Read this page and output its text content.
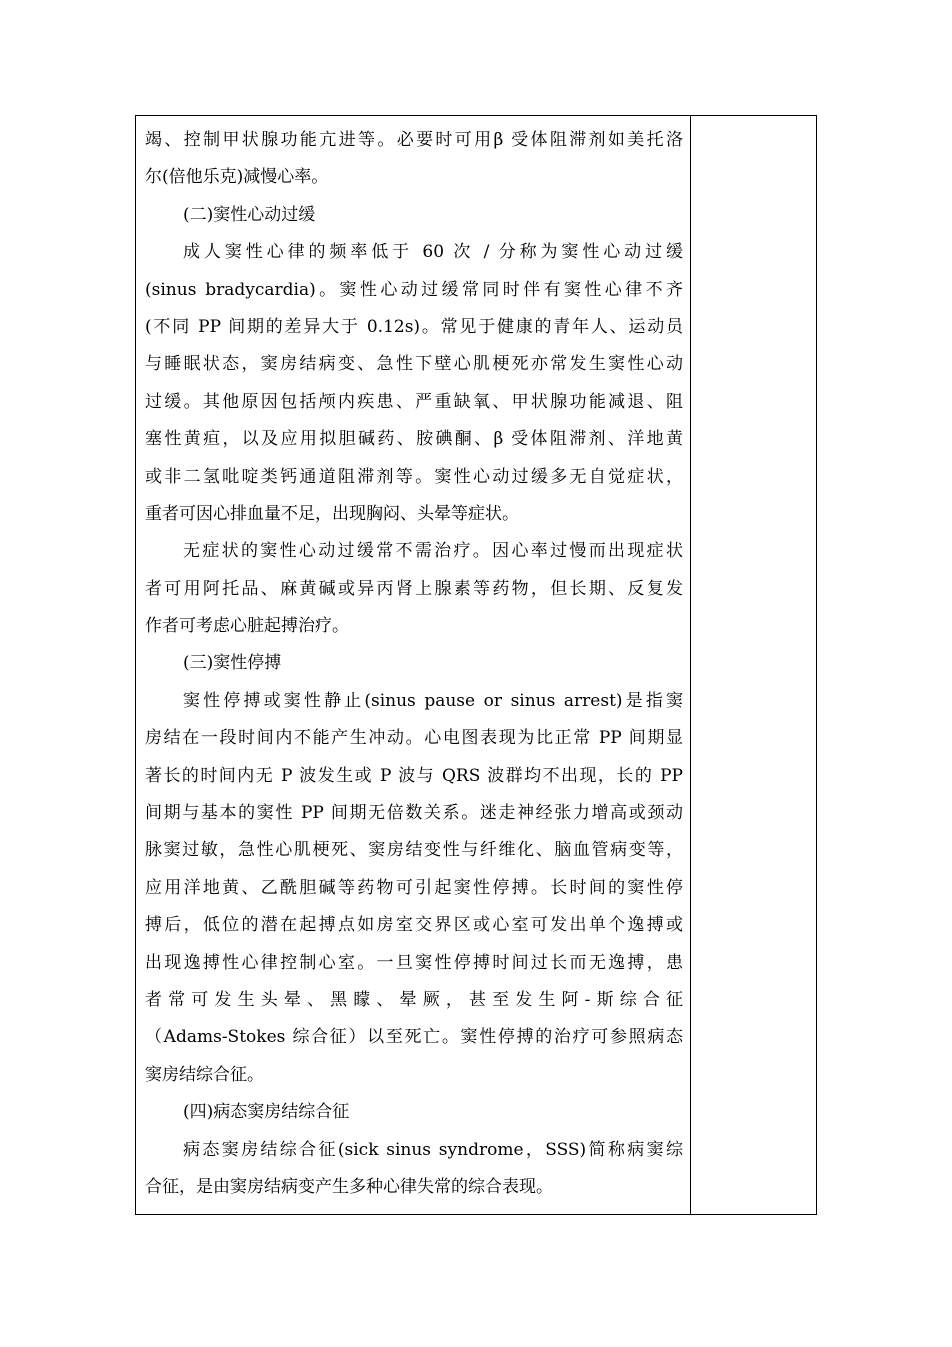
竭、控制甲状腺功能亢进等。必要时可用β 受体阻滞剂如美托洛
尔(倍他乐克)减慢心率。
(二)窦性心动过缓
成人窦性心律的频率低于 60 次 / 分称为窦性心动过缓
(sinus bradycardia)。窦性心动过缓常同时伴有窦性心律不齐
(不同 PP 间期的差异大于 0.12s)。常见于健康的青年人、运动员
与睡眠状态，窦房结病变、急性下壁心肌梗死亦常发生窦性心动
过缓。其他原因包括颅内疾患、严重缺氧、甲状腺功能减退、阻
塞性黄疸，以及应用拟胆碱药、胺碘酮、β 受体阻滞剂、洋地黄
或非二氢吡啶类钙通道阻滞剂等。窦性心动过缓多无自觉症状，
重者可因心排血量不足，出现胸闷、头晕等症状。
无症状的窦性心动过缓常不需治疗。因心率过慢而出现症状
者可用阿托品、麻黄碱或异丙肾上腺素等药物，但长期、反复发
作者可考虑心脏起搏治疗。
(三)窦性停搏
窦性停搏或窦性静止(sinus pause or sinus arrest)是指窦
房结在一段时间内不能产生冲动。心电图表现为比正常 PP 间期显
著长的时间内无 P 波发生或 P 波与 QRS 波群均不出现，长的 PP
间期与基本的窦性 PP 间期无倍数关系。迷走神经张力增高或颈动
脉窦过敏，急性心肌梗死、窦房结变性与纤维化、脑血管病变等，
应用洋地黄、乙酰胆碱等药物可引起窦性停搏。长时间的窦性停
搏后，低位的潜在起搏点如房室交界区或心室可发出单个逸搏或
出现逸搏性心律控制心室。一旦窦性停搏时间过长而无逸搏，患
者常可发生头晕、黑矇、晕厥，甚至发生阿-斯综合征
（Adams-Stokes 综合征）以至死亡。窦性停搏的治疗可参照病态
窦房结综合征。
(四)病态窦房结综合征
病态窦房结综合征(sick sinus syndrome，SSS)简称病窦综
合征，是由窦房结病变产生多种心律失常的综合表现。
